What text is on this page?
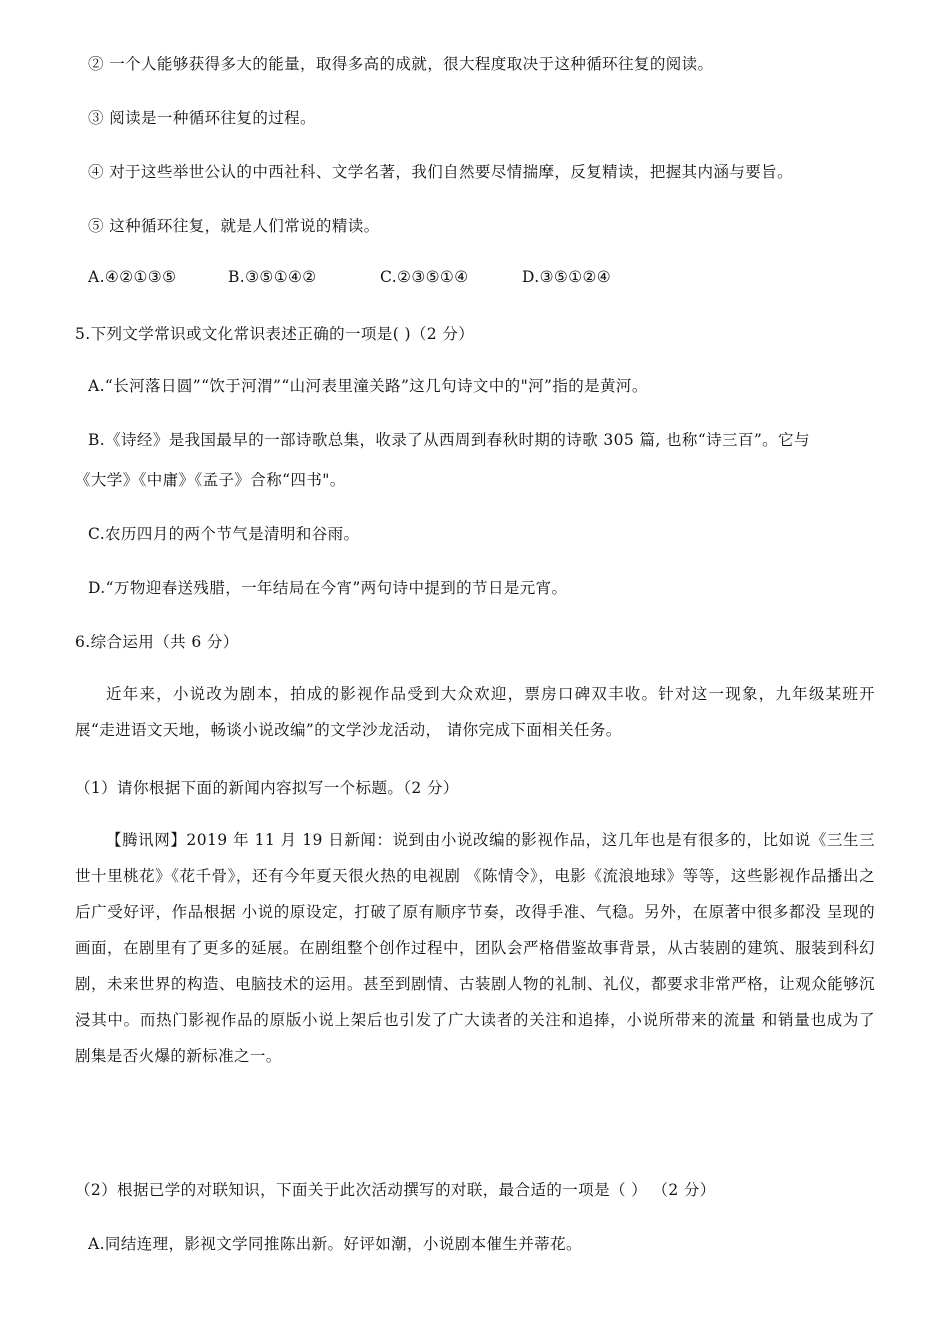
② 一个人能够获得多大的能量，取得多高的成就，很大程度取决于这种循环往复的阅读。
③ 阅读是一种循环往复的过程。
④ 对于这些举世公认的中西社科、文学名著，我们自然要尽情揣摩，反复精读，把握其内涵与要旨。
⑤ 这种循环往复，就是人们常说的精读。
A.④②①③⑤	B.③⑤①④②	C.②③⑤①④	D.③⑤①②④
5.下列文学常识或文化常识表述正确的一项是( )（2 分）
A.“长河落日圆”“饮于河渭”“山河表里潼关路”这几句诗文中的"河”指的是黄河。
B.《诗经》是我国最早的一部诗歌总集，收录了从西周到春秋时期的诗歌 305 篇, 也称“诗三百”。它与
《大学》《中庸》《孟子》合称“四书"。
C.农历四月的两个节气是清明和谷雨。
D.“万物迎春送残腊，一年结局在今宵”两句诗中提到的节日是元宵。
6.综合运用（共 6 分）
近年来，小说改为剧本，拍成的影视作品受到大众欢迎，票房口碑双丰收。针对这一现象，九年级某班开展“走进语文天地，畅谈小说改编”的文学沙龙活动， 请你完成下面相关任务。
（1）请你根据下面的新闻内容拟写一个标题。（2 分）
【腾讯网】2019 年 11 月 19 日新闻：说到由小说改编的影视作品，这几年也是有很多的，比如说《三生三世十里桃花》《花千骨》，还有今年夏天很火热的电视剧 《陈情令》，电影《流浪地球》等等，这些影视作品播出之后广受好评，作品根据 小说的原设定，打破了原有顺序节奏，改得手准、气稳。另外，在原著中很多都没 呈现的画面，在剧里有了更多的延展。在剧组整个创作过程中，团队会严格借鉴故事背景，从古装剧的建筑、服装到科幻剧，未来世界的构造、电脑技术的运用。甚至到剧情、古装剧人物的礼制、礼仪，都要求非常严格，让观众能够沉浸其中。而热门影视作品的原版小说上架后也引发了广大读者的关注和追捧，小说所带来的流量 和销量也成为了剧集是否火爆的新标准之一。
（2）根据已学的对联知识，下面关于此次活动撰写的对联，最合适的一项是（ ） （2 分）
A.同结连理，影视文学同推陈出新。好评如潮，小说剧本催生并蒂花。
